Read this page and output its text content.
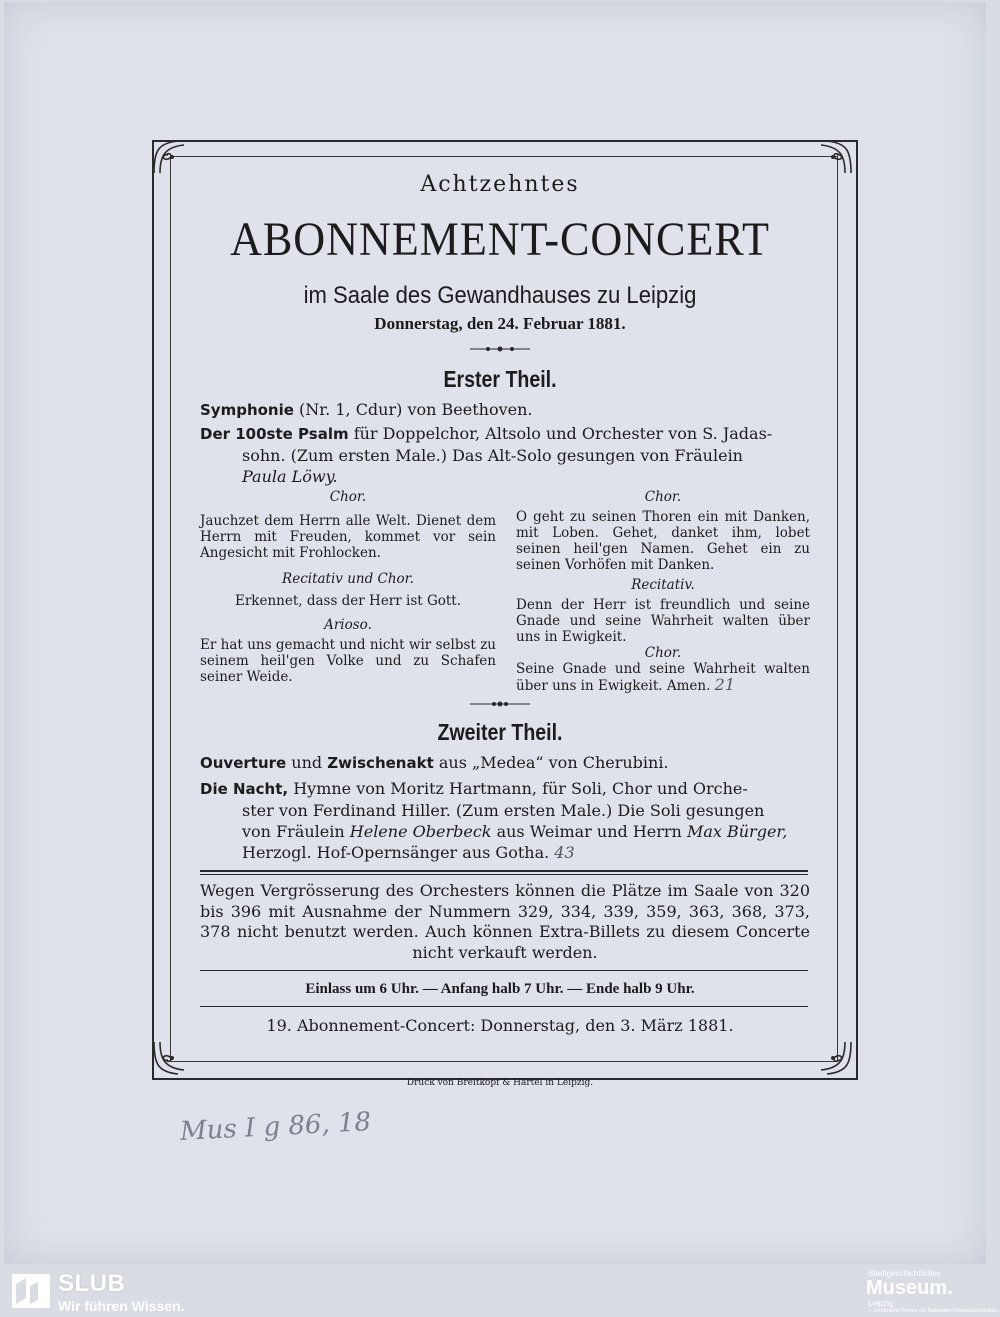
Achtzehntes
ABONNEMENT-CONCERT
im Saale des Gewandhauses zu Leipzig
Donnerstag, den 24. Februar 1881.
Erster Theil.
Symphonie (Nr. 1, Cdur) von Beethoven.
Der 100ste Psalm für Doppelchor, Altsolo und Orchester von S. Jadas-
sohn. (Zum ersten Male.) Das Alt-Solo gesungen von Fräulein
Paula Löwy.
Chor.
Jauchzet dem Herrn alle Welt. Dienet dem Herrn mit Freuden, kommet vor sein Angesicht mit Frohlocken.
Recitativ und Chor.
Erkennet, dass der Herr ist Gott.
Arioso.
Er hat uns gemacht und nicht wir selbst zu seinem heil'gen Volke und zu Schafen seiner Weide.
Chor.
O geht zu seinen Thoren ein mit Danken, mit Loben. Gehet, danket ihm, lobet seinen heil'gen Namen. Gehet ein zu seinen Vorhöfen mit Danken.
Recitativ.
Denn der Herr ist freundlich und seine Gnade und seine Wahrheit walten über uns in Ewigkeit.
Chor.
Seine Gnade und seine Wahrheit walten über uns in Ewigkeit. Amen. 21
Zweiter Theil.
Ouverture und Zwischenakt aus „Medea“ von Cherubini.
Die Nacht, Hymne von Moritz Hartmann, für Soli, Chor und Orche-
ster von Ferdinand Hiller. (Zum ersten Male.) Die Soli gesungen
von Fräulein Helene Oberbeck aus Weimar und Herrn Max Bürger,
Herzogl. Hof-Opernsänger aus Gotha. 43
Wegen Vergrösserung des Orchesters können die Plätze im Saale von 320 bis 396 mit Ausnahme der Nummern 329, 334, 339, 359, 363, 368, 373, 378 nicht benutzt werden. Auch können Extra-Billets zu diesem Concerte nicht verkauft werden.
Einlass um 6 Uhr. — Anfang halb 7 Uhr. — Ende halb 9 Uhr.
19. Abonnement-Concert: Donnerstag, den 3. März 1881.
Druck von Breitkopf & Härtel in Leipzig.
Mus I g 86, 18
SLUB
Wir führen Wissen.
Stadtgeschichtliches
Museum.
Leipzig
✓ Zertifizierter Partner der Nationalen Klimaschutzinitiative
